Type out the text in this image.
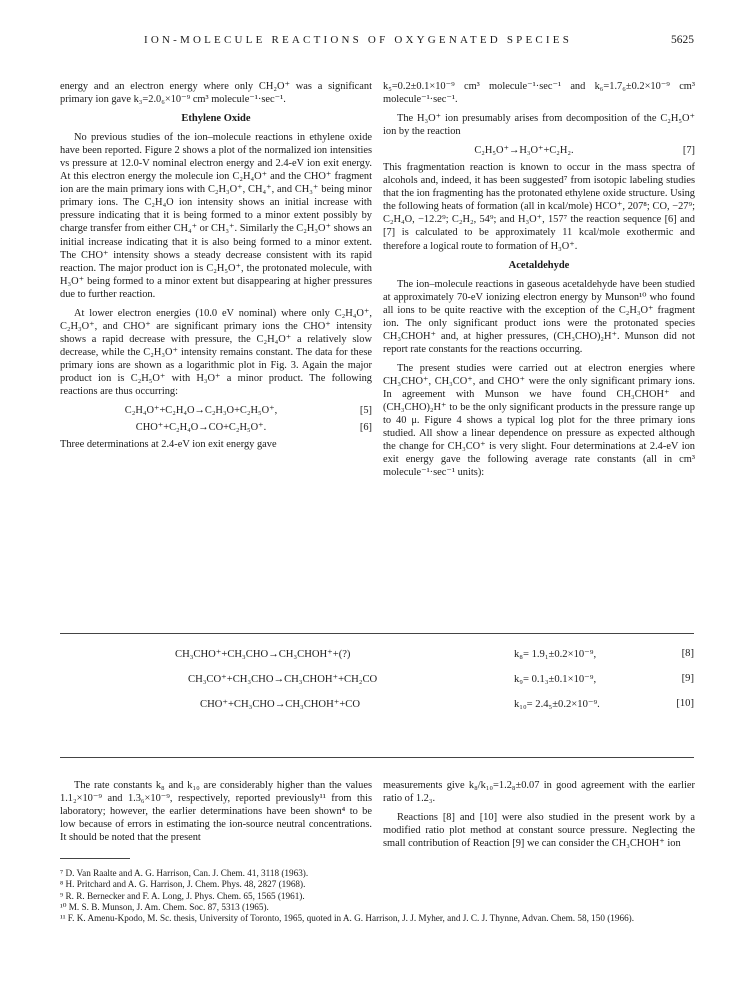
ION-MOLECULE REACTIONS OF OXYGENATED SPECIES	5625

energy and an electron energy where only CH₂O⁺ was a significant primary ion gave k₃=2.0₆×10⁻⁹ cm³ molecule⁻¹·sec⁻¹.

Ethylene Oxide

No previous studies of the ion–molecule reactions in ethylene oxide have been reported. Figure 2 shows a plot of the normalized ion intensities vs pressure at 12.0-V nominal electron energy and 2.4-eV ion exit energy. At this electron energy the molecule ion C₂H₄O⁺ and the CHO⁺ fragment ion are the main primary ions with C₂H₃O⁺, CH₄⁺, and CH₃⁺ being minor primary ions. The C₂H₄O ion intensity shows an initial increase with pressure indicating that it is being formed to a minor extent possibly by charge transfer from either CH₄⁺ or CH₃⁺. Similarly the C₂H₃O⁺ shows an initial increase indicating that it is also being formed to a minor extent. The CHO⁺ intensity shows a steady decrease consistent with its rapid reaction. The major product ion is C₂H₅O⁺, the protonated molecule, with H₃O⁺ being formed to a minor extent but disappearing at higher pressures due to further reaction.

At lower electron energies (10.0 eV nominal) where only C₂H₄O⁺, C₂H₃O⁺, and CHO⁺ are significant primary ions the CHO⁺ intensity shows a rapid decrease with pressure, the C₂H₄O⁺ a relatively slow decrease, while the C₂H₃O⁺ intensity remains constant. The data for these primary ions are shown as a logarithmic plot in Fig. 3. Again the major product ion is C₂H₅O⁺ with H₃O⁺ a minor product. The following reactions are thus occurring:

C₂H₄O⁺+C₂H₄O→C₂H₃O+C₂H₅O⁺,	[5]
CHO⁺+C₂H₄O→CO+C₂H₅O⁺.	[6]

Three determinations at 2.4-eV ion exit energy gave

k₅=0.2±0.1×10⁻⁹ cm³ molecule⁻¹·sec⁻¹ and k₆=1.7₆±0.2×10⁻⁹ cm³ molecule⁻¹·sec⁻¹.

The H₃O⁺ ion presumably arises from decomposition of the C₂H₅O⁺ ion by the reaction

C₂H₅O⁺→H₃O⁺+C₂H₂.	[7]

This fragmentation reaction is known to occur in the mass spectra of alcohols and, indeed, it has been suggested⁷ from isotopic labeling studies that the ion fragmenting has the protonated ethylene oxide structure. Using the following heats of formation (all in kcal/mole) HCO⁺, 207⁸; CO, −27⁹; C₂H₄O, −12.2⁹; C₂H₂, 54⁹; and H₃O⁺, 157⁷ the reaction sequence [6] and [7] is calculated to be approximately 11 kcal/mole exothermic and therefore a logical route to formation of H₃O⁺.

Acetaldehyde

The ion–molecule reactions in gaseous acetaldehyde have been studied at approximately 70-eV ionizing electron energy by Munson¹⁰ who found all ions to be quite reactive with the exception of the C₂H₃O⁺ fragment ion. The only significant product ions were the protonated species CH₃CHOH⁺ and, at higher pressures, (CH₃CHO)₂H⁺. Munson did not report rate constants for the reactions occurring.

The present studies were carried out at electron energies where CH₃CHO⁺, CH₃CO⁺, and CHO⁺ were the only significant primary ions. In agreement with Munson we have found CH₃CHOH⁺ and (CH₃CHO)₂H⁺ to be the only significant products in the pressure range up to 40 μ. Figure 4 shows a typical log plot for the three primary ions studied. All show a linear dependence on pressure as expected although the change for CH₃CO⁺ is very slight. Four determinations at 2.4-eV ion exit energy gave the following average rate constants (all in cm³ molecule⁻¹·sec⁻¹ units):

CH₃CHO⁺+CH₃CHO→CH₃CHOH⁺+(?)	k₈= 1.9₁±0.2×10⁻⁹,	[8]
CH₃CO⁺+CH₃CHO→CH₃CHOH⁺+CH₂CO	k₉= 0.1₃±0.1×10⁻⁹,	[9]
CHO⁺+CH₃CHO→CH₃CHOH⁺+CO	k₁₀= 2.4₅±0.2×10⁻⁹.	[10]

The rate constants k₈ and k₁₀ are considerably higher than the values 1.1₂×10⁻⁹ and 1.3₆×10⁻⁹, respectively, reported previously¹¹ from this laboratory; however, the earlier determinations have been shown⁴ to be low because of errors in estimating the ion-source neutral concentrations. It should be noted that the present

measurements give k₈/k₁₀=1.2₈±0.07 in good agreement with the earlier ratio of 1.2₃.

Reactions [8] and [10] were also studied in the present work by a modified ratio plot method at constant source pressure. Neglecting the small contribution of Reaction [9] we can consider the CH₃CHOH⁺ ion

⁷ D. Van Raalte and A. G. Harrison, Can. J. Chem. 41, 3118 (1963).

⁸ H. Pritchard and A. G. Harrison, J. Chem. Phys. 48, 2827 (1968).

⁹ R. R. Bernecker and F. A. Long, J. Phys. Chem. 65, 1565 (1961).

¹⁰ M. S. B. Munson, J. Am. Chem. Soc. 87, 5313 (1965).

¹¹ F. K. Amenu-Kpodo, M. Sc. thesis, University of Toronto, 1965, quoted in A. G. Harrison, J. J. Myher, and J. C. J. Thynne, Advan. Chem. 58, 150 (1966).
